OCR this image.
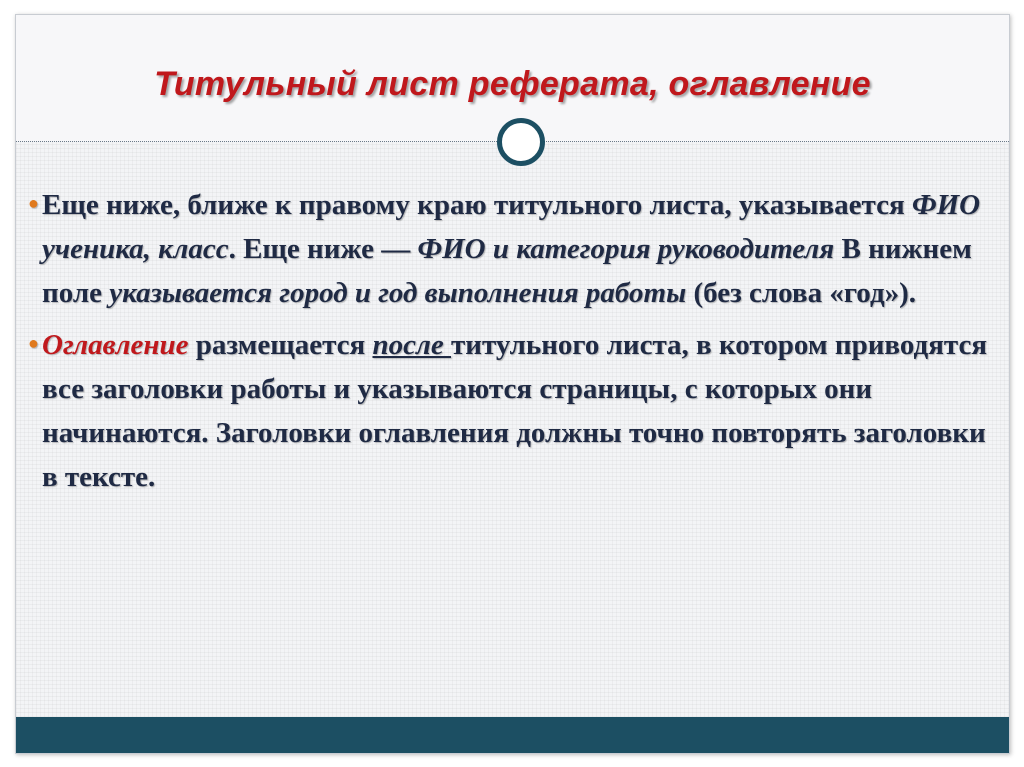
Титульный лист реферата, оглавление
● Еще ниже, ближе к правому краю титульного листа, указывается ФИО ученика, класс. Еще ниже — ФИО и категория руководителя В нижнем поле указывается город и год выполнения работы (без слова «год»).
● Оглавление размещается после титульного листа, в котором приводятся все заголовки работы и указываются страницы, с которых они начинаются. Заголовки оглавления должны точно повторять заголовки в тексте.
